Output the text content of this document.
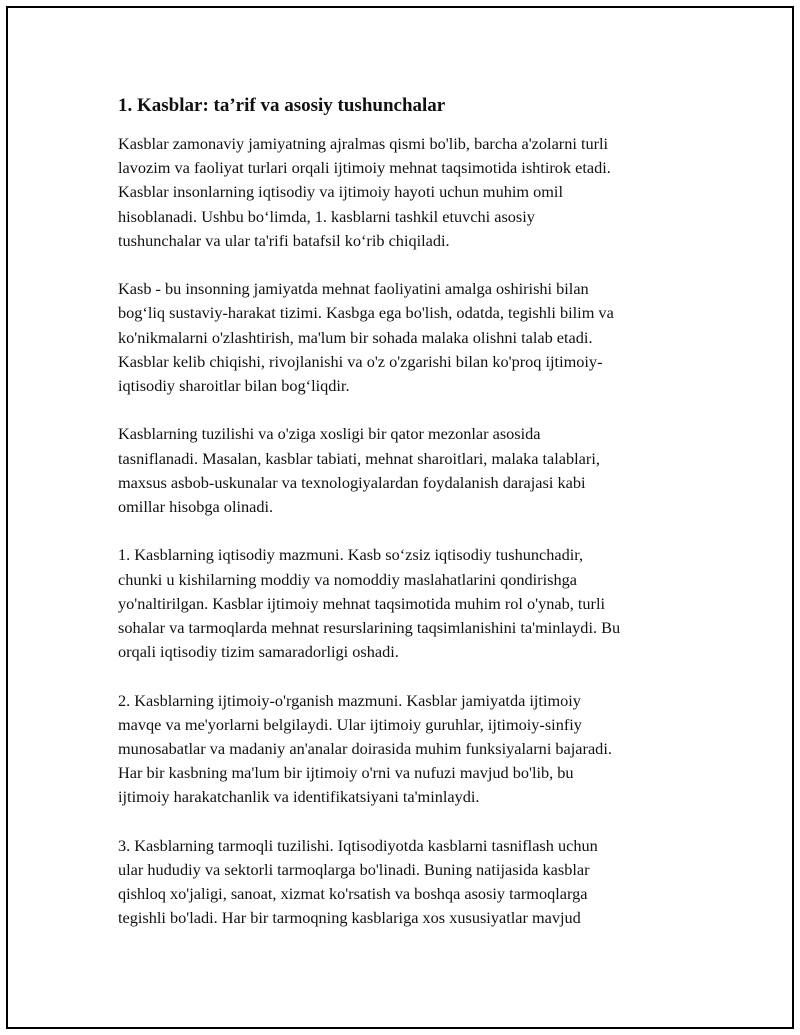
1. Kasblar: ta’rif va asosiy tushunchalar
Kasblar zamonaviy jamiyatning ajralmas qismi bo'lib, barcha a'zolarni turli
lavozim va faoliyat turlari orqali ijtimoiy mehnat taqsimotida ishtirok etadi.
Kasblar insonlarning iqtisodiy va ijtimoiy hayoti uchun muhim omil
hisoblanadi. Ushbu bo‘limda, 1. kasblarni tashkil etuvchi asosiy
tushunchalar va ular ta'rifi batafsil ko‘rib chiqiladi.
Kasb - bu insonning jamiyatda mehnat faoliyatini amalga oshirishi bilan
bog‘liq sustaviy-harakat tizimi. Kasbga ega bo'lish, odatda, tegishli bilim va
ko'nikmalarni o'zlashtirish, ma'lum bir sohada malaka olishni talab etadi.
Kasblar kelib chiqishi, rivojlanishi va o'z o'zgarishi bilan ko'proq ijtimoiy-
iqtisodiy sharoitlar bilan bog‘liqdir.
Kasblarning tuzilishi va o'ziga xosligi bir qator mezonlar asosida
tasniflanadi. Masalan, kasblar tabiati, mehnat sharoitlari, malaka talablari,
maxsus asbob-uskunalar va texnologiyalardan foydalanish darajasi kabi
omillar hisobga olinadi.
1. Kasblarning iqtisodiy mazmuni. Kasb so‘zsiz iqtisodiy tushunchadir,
chunki u kishilarning moddiy va nomoddiy maslahatlarini qondirishga
yo'naltirilgan. Kasblar ijtimoiy mehnat taqsimotida muhim rol o'ynab, turli
sohalar va tarmoqlarda mehnat resurslarining taqsimlanishini ta'minlaydi. Bu
orqali iqtisodiy tizim samaradorligi oshadi.
2. Kasblarning ijtimoiy-o'rganish mazmuni. Kasblar jamiyatda ijtimoiy
mavqe va me'yorlarni belgilaydi. Ular ijtimoiy guruhlar, ijtimoiy-sinfiy
munosabatlar va madaniy an'analar doirasida muhim funksiyalarni bajaradi.
Har bir kasbning ma'lum bir ijtimoiy o'rni va nufuzi mavjud bo'lib, bu
ijtimoiy harakatchanlik va identifikatsiyani ta'minlaydi.
3. Kasblarning tarmoqli tuzilishi. Iqtisodiyotda kasblarni tasniflash uchun
ular hududiy va sektorli tarmoqlarga bo'linadi. Buning natijasida kasblar
qishloq xo'jaligi, sanoat, xizmat ko'rsatish va boshqa asosiy tarmoqlarga
tegishli bo'ladi. Har bir tarmoqning kasblariga xos xususiyatlar mavjud
